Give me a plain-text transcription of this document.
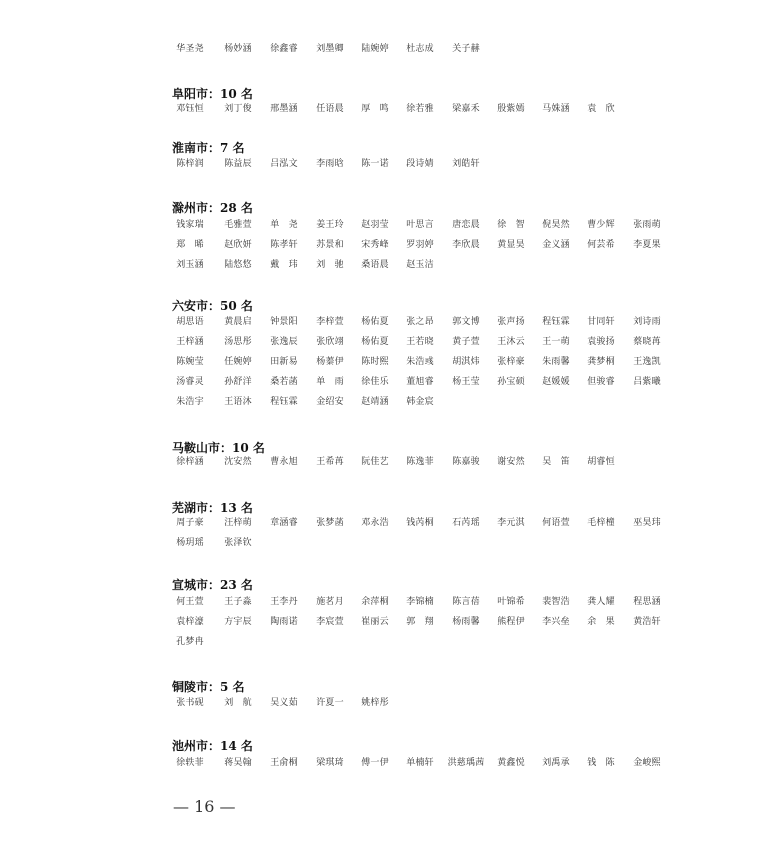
华圣尧 杨妙涵 徐鑫睿 刘墨卿 陆婉婷 杜志成 关子赫
阜阳市：10 名
邓钰恒 刘丁俊 邢墨涵 任语晨 厚　鸣 徐若雅 梁嘉禾 殷紫嫣 马姝涵 袁　欣
淮南市：7 名
陈梓润 陈益辰 吕泓文 李雨晗 陈一诺 段诗婧 刘皓轩
滁州市：28 名
钱家瑞 毛雅萱 单　尧 姜王玲 赵羽莹 叶思言 唐恋晨 徐　智 倪昊然 曹少辉 张雨萌
郑　晞 赵欣妍 陈孝轩 苏景和 宋秀峰 罗羽婷 李欣晨 黄显昊 金义涵 何芸希 李夏果
刘玉涵 陆悠悠 戴　玮 刘　驰 桑语晨 赵玉洁
六安市：50 名
胡思语 黄晨启 钟景阳 李梓萱 杨佑夏 张之昂 郭文博 张声扬 程钰霖 甘同轩 刘诗雨
王梓涵 汤思彤 张逸辰 张欣翊 杨佑夏 王若晓 黄子萱 王沐云 王一萌 袁骏扬 蔡晓苒
陈婉莹 任婉婷 田新易 杨蓁伊 陈时熙 朱浩彧 胡淇炜 张梓豪 朱雨馨 龚梦桐 王逸凯
汤睿灵 孙舒洋 桑若菡 单　雨 徐佳乐 董旭睿 杨王莹 孙宝硕 赵媛媛 但骏睿 吕紫曦
朱浩宇 王语沐 程钰霖 金绍安 赵靖涵 韩金宸
马鞍山市：10 名
徐梓涵 沈安然 曹永旭 王希苒 阮佳艺 陈逸菲 陈嘉骏 谢安然 吴　笛 胡睿恒
芜湖市：13 名
周子豪 汪梓萌 章涵睿 张梦菡 邓永浩 钱芮桐 石芮瑶 李元淇 何语萱 毛梓橦 巫昊玮
杨玥瑶 张泽钦
宣城市：23 名
何王萱 王子淼 王李丹 施茗月 余萍桐 李锦楠 陈言蓓 叶锦希 裴智浩 龚人耀 程思涵
袁梓濠 方宇辰 陶雨诺 李宸萱 崔丽云 郭　翔 杨雨馨 熊程伊 李兴垒 余　果 黄浩轩
孔梦冉
铜陵市：5 名
张书砚 刘　航 吴义茹 许夏一 姚梓彤
池州市：14 名
徐轶菲 蒋吴翰 王俞桐 梁琪琦 傅一伊 单楠轩 洪慈瑀茜 黄鑫悦 刘禹承 钱　陈 金峻熙
— 16 —
